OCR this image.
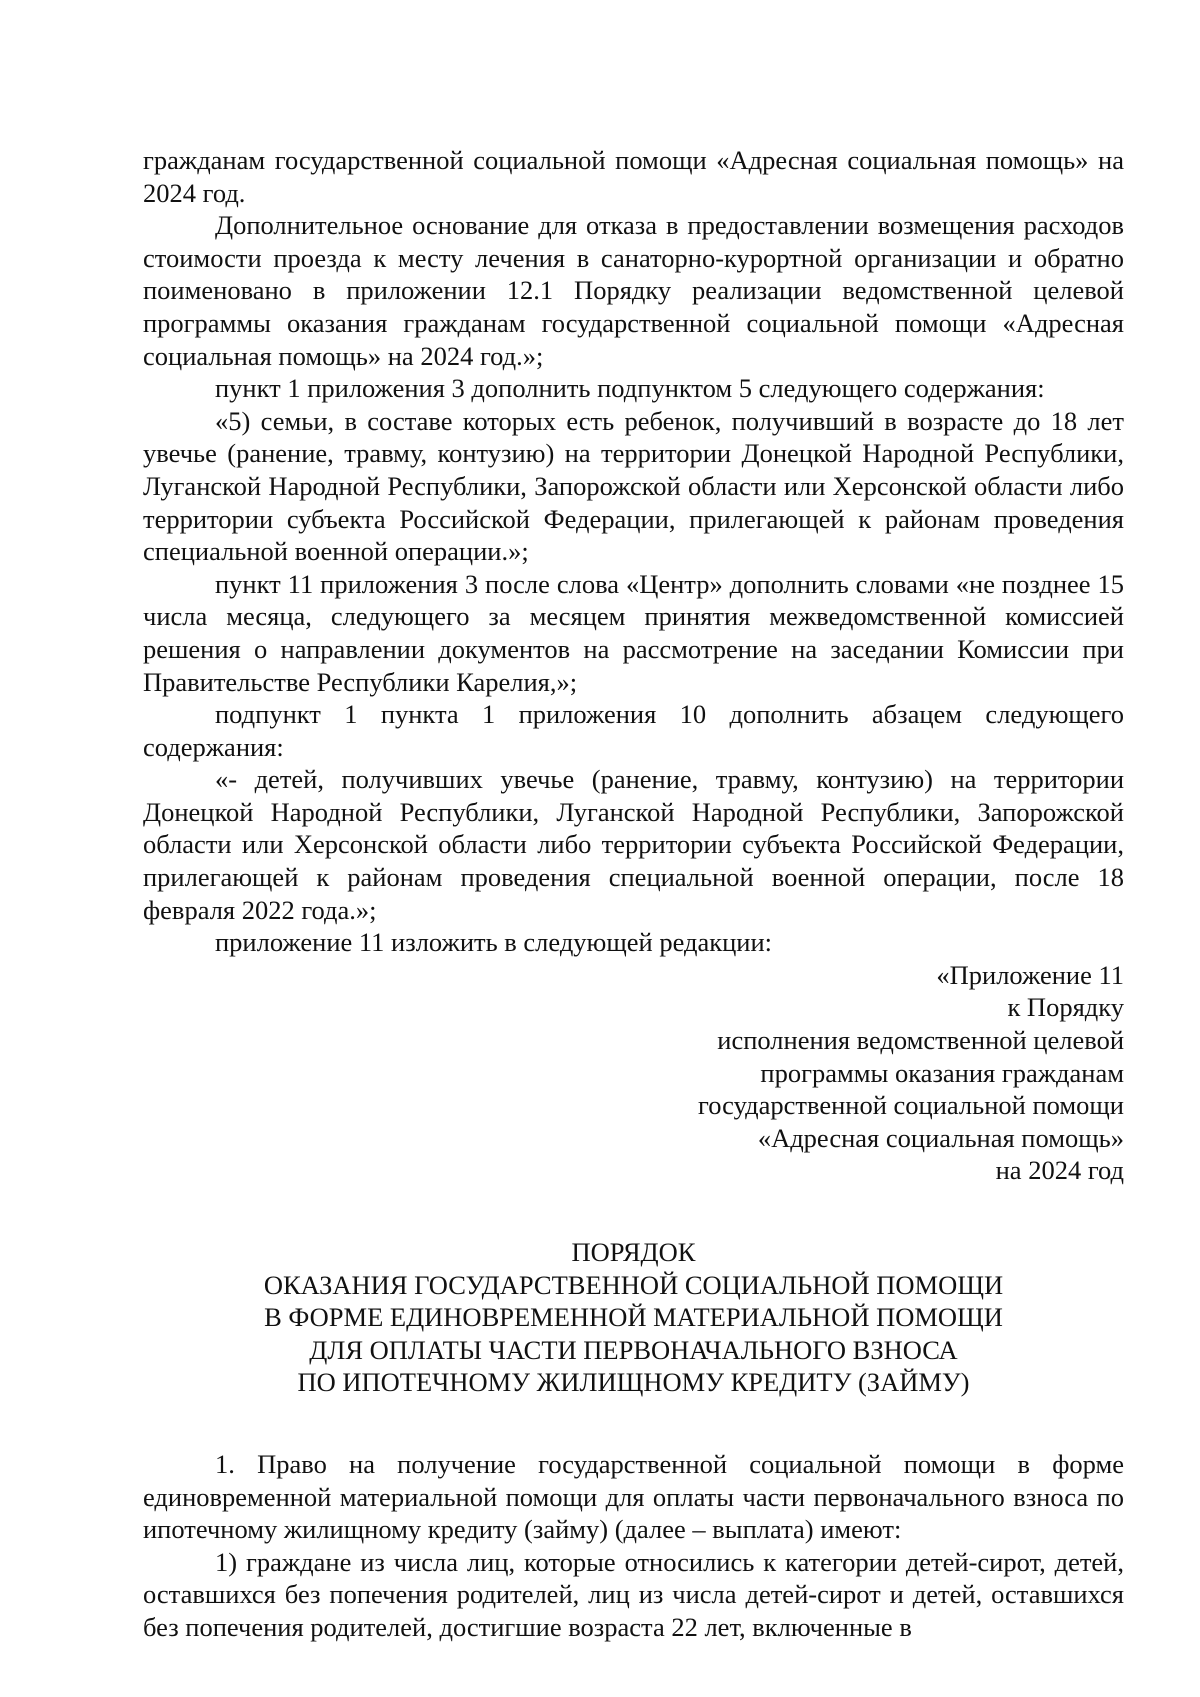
гражданам государственной социальной помощи «Адресная социальная помощь» на 2024 год.

Дополнительное основание для отказа в предоставлении возмещения расходов стоимости проезда к месту лечения в санаторно-курортной организации и обратно поименовано в приложении 12.1 Порядку реализации ведомственной целевой программы оказания гражданам государственной социальной помощи «Адресная социальная помощь» на 2024 год.»;

пункт 1 приложения 3 дополнить подпунктом 5 следующего содержания:

«5) семьи, в составе которых есть ребенок, получивший в возрасте до 18 лет увечье (ранение, травму, контузию) на территории Донецкой Народной Республики, Луганской Народной Республики, Запорожской области или Херсонской области либо территории субъекта Российской Федерации, прилегающей к районам проведения специальной военной операции.»;

пункт 11 приложения 3 после слова «Центр» дополнить словами «не позднее 15 числа месяца, следующего за месяцем принятия межведомственной комиссией решения о направлении документов на рассмотрение на заседании Комиссии при Правительстве Республики Карелия,»;

подпункт 1 пункта 1 приложения 10 дополнить абзацем следующего содержания:

«- детей, получивших увечье (ранение, травму, контузию) на территории Донецкой Народной Республики, Луганской Народной Республики, Запорожской области или Херсонской области либо территории субъекта Российской Федерации, прилегающей к районам проведения специальной военной операции, после 18 февраля 2022 года.»;

приложение 11 изложить в следующей редакции:

«Приложение 11
к Порядку
исполнения ведомственной целевой
программы оказания гражданам
государственной социальной помощи
«Адресная социальная помощь»
на 2024 год
ПОРЯДОК
ОКАЗАНИЯ ГОСУДАРСТВЕННОЙ СОЦИАЛЬНОЙ ПОМОЩИ
В ФОРМЕ ЕДИНОВРЕМЕННОЙ МАТЕРИАЛЬНОЙ ПОМОЩИ
ДЛЯ ОПЛАТЫ ЧАСТИ ПЕРВОНАЧАЛЬНОГО ВЗНОСА
ПО ИПОТЕЧНОМУ ЖИЛИЩНОМУ КРЕДИТУ (ЗАЙМУ)

1. Право на получение государственной социальной помощи в форме единовременной материальной помощи для оплаты части первоначального взноса по ипотечному жилищному кредиту (займу) (далее – выплата) имеют:

1) граждане из числа лиц, которые относились к категории детей-сирот, детей, оставшихся без попечения родителей, лиц из числа детей-сирот и детей, оставшихся без попечения родителей, достигшие возраста 22 лет, включенные в
